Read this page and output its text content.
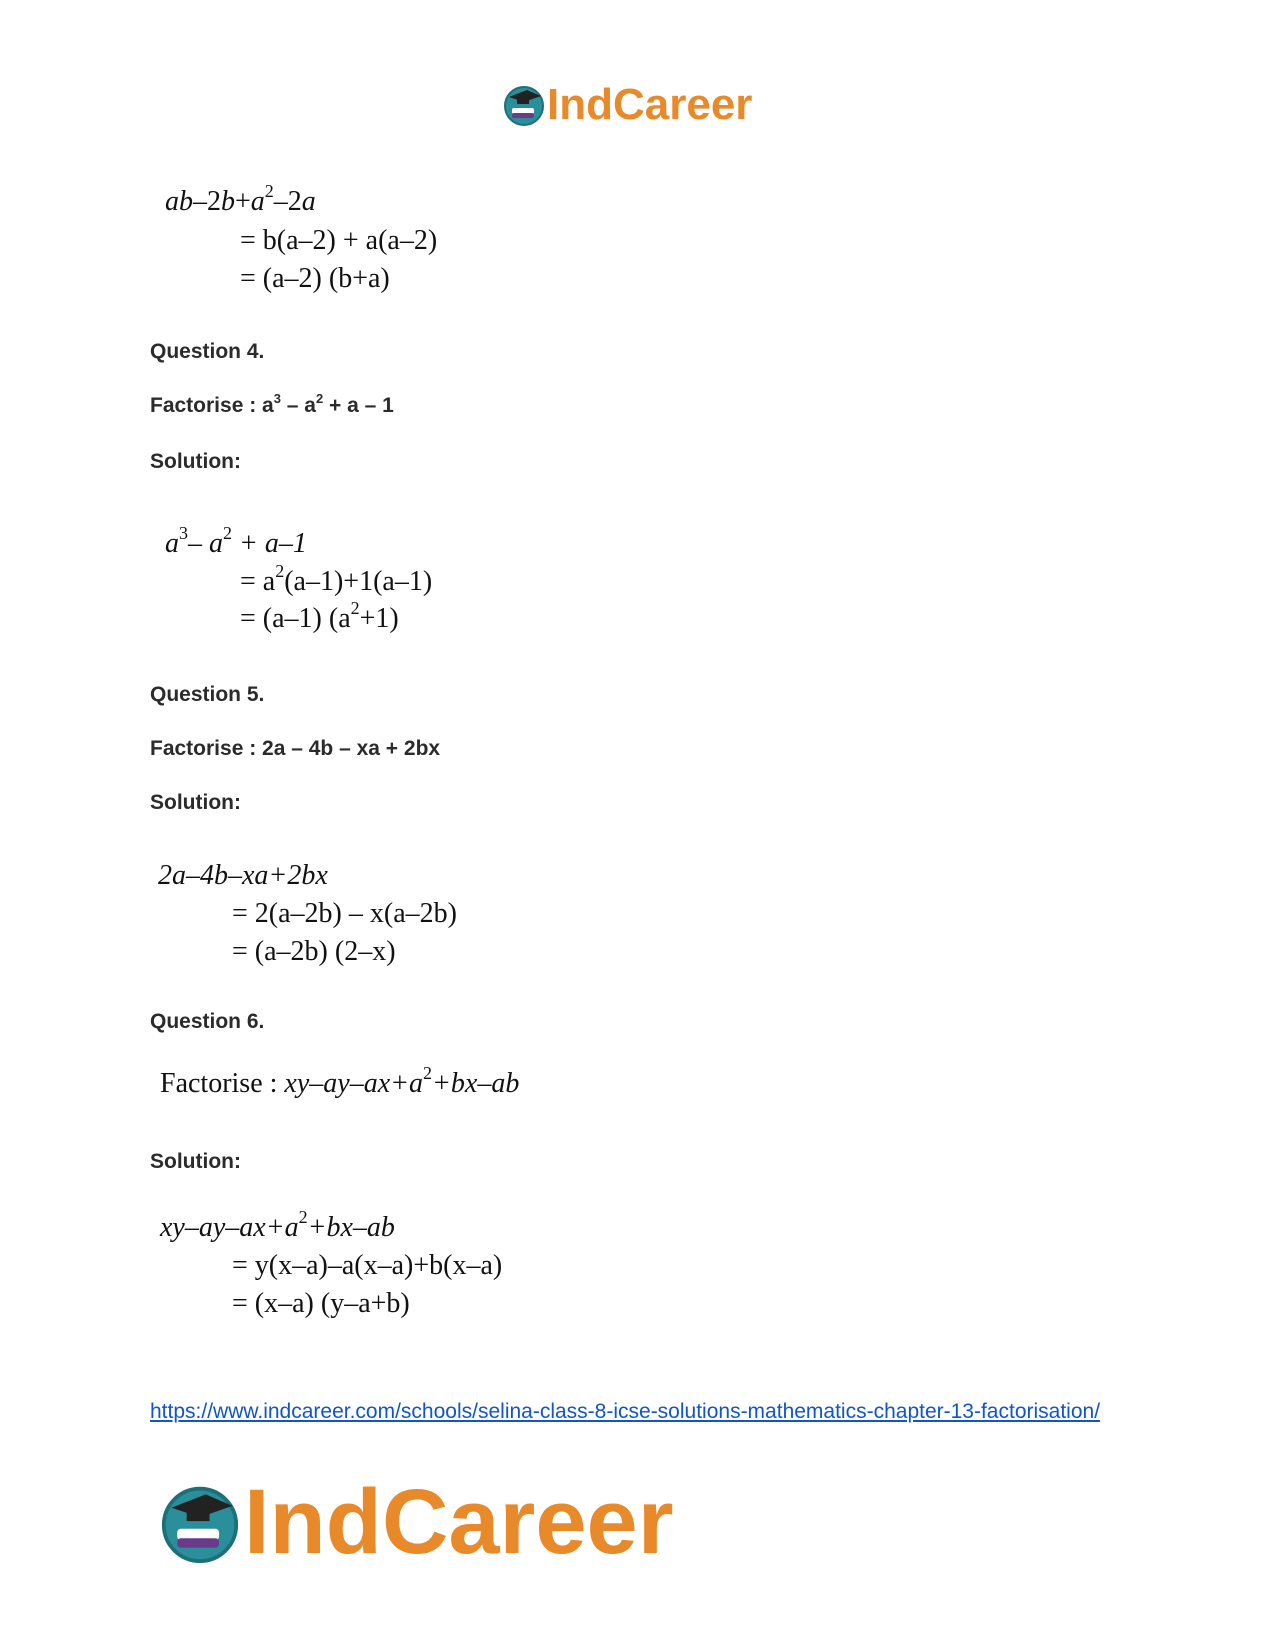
IndCareer
$ab-2b+a^2-2a$
= b(a–2) + a(a–2)
= (a–2) (b+a)
Question 4.
Factorise : $a^3 - a^2 + a - 1$
Solution:
$a^3-$ $a^2 + a-1$
= $a^2(a-1)+1(a-1)$
= (a–1) $(a^2+1)$
Question 5.
Factorise : 2a – 4b – xa + 2bx
Solution:
2a–4b–xa+2bx
= 2(a–2b) – x(a–2b)
= (a–2b) (2–x)
Question 6.
Factorise : $xy-ay-ax+a^2+bx-ab$
Solution:
$xy-ay-ax+a^2+bx-ab$
= y(x–a)–a(x–a)+b(x–a)
= (x–a) (y–a+b)
https://www.indcareer.com/schools/selina-class-8-icse-solutions-mathematics-chapter-13-factorisation/
IndCareer
